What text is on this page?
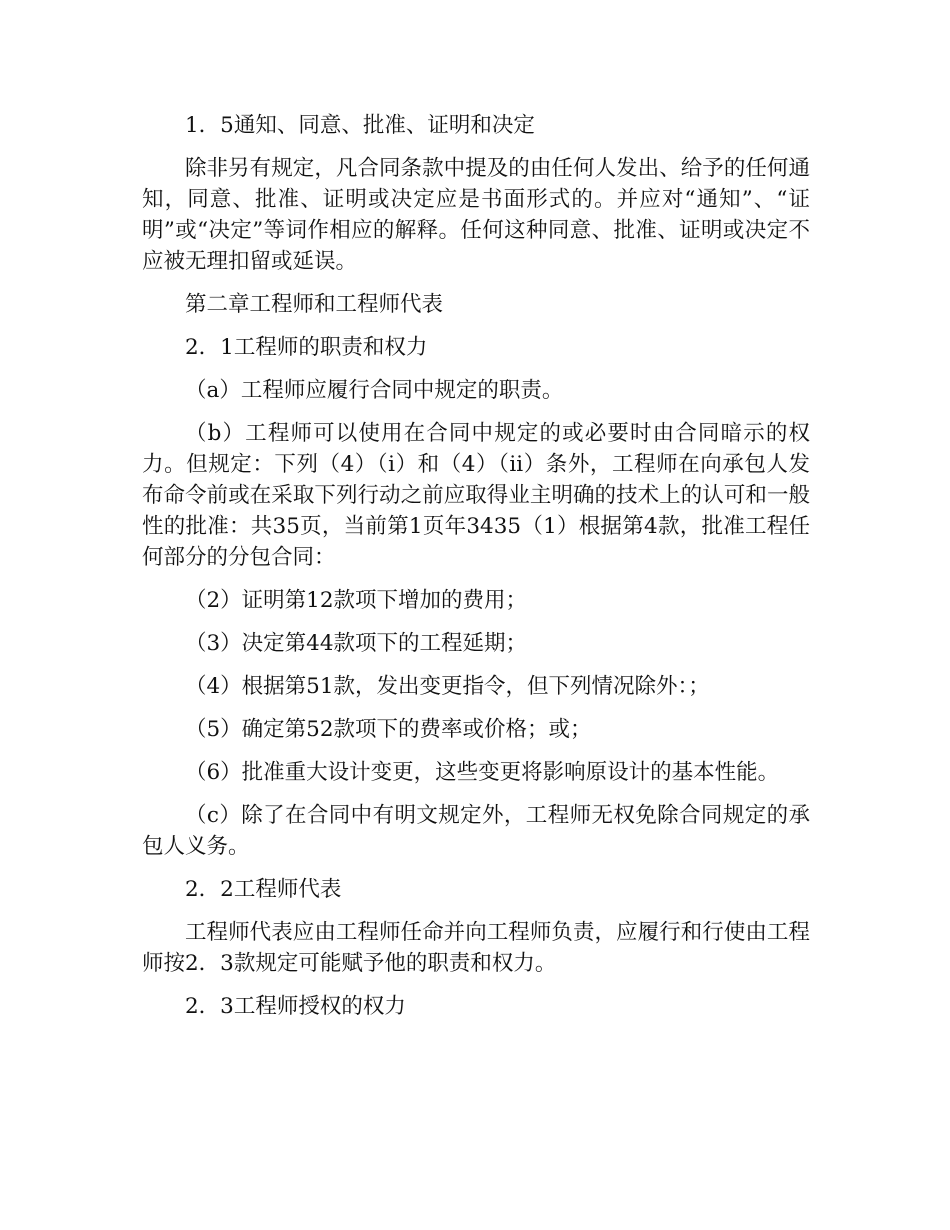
1．5通知、同意、批准、证明和决定

除非另有规定，凡合同条款中提及的由任何人发出、给予的任何通知，同意、批准、证明或决定应是书面形式的。并应对“通知”、“证明”或“决定”等词作相应的解释。任何这种同意、批准、证明或决定不应被无理扣留或延误。

第二章工程师和工程师代表

2．1工程师的职责和权力

（a）工程师应履行合同中规定的职责。

（b）工程师可以使用在合同中规定的或必要时由合同暗示的权力。但规定：下列（4）（i）和（4）（ii）条外，工程师在向承包人发布命令前或在采取下列行动之前应取得业主明确的技术上的认可和一般性的批准：共35页，当前第1页年3435（1）根据第4款，批准工程任何部分的分包合同：

（2）证明第12款项下增加的费用；

（3）决定第44款项下的工程延期；

（4）根据第51款，发出变更指令，但下列情况除外：；

（5）确定第52款项下的费率或价格；或；

（6）批准重大设计变更，这些变更将影响原设计的基本性能。

（c）除了在合同中有明文规定外，工程师无权免除合同规定的承包人义务。

2．2工程师代表

工程师代表应由工程师任命并向工程师负责，应履行和行使由工程师按2．3款规定可能赋予他的职责和权力。

2．3工程师授权的权力
